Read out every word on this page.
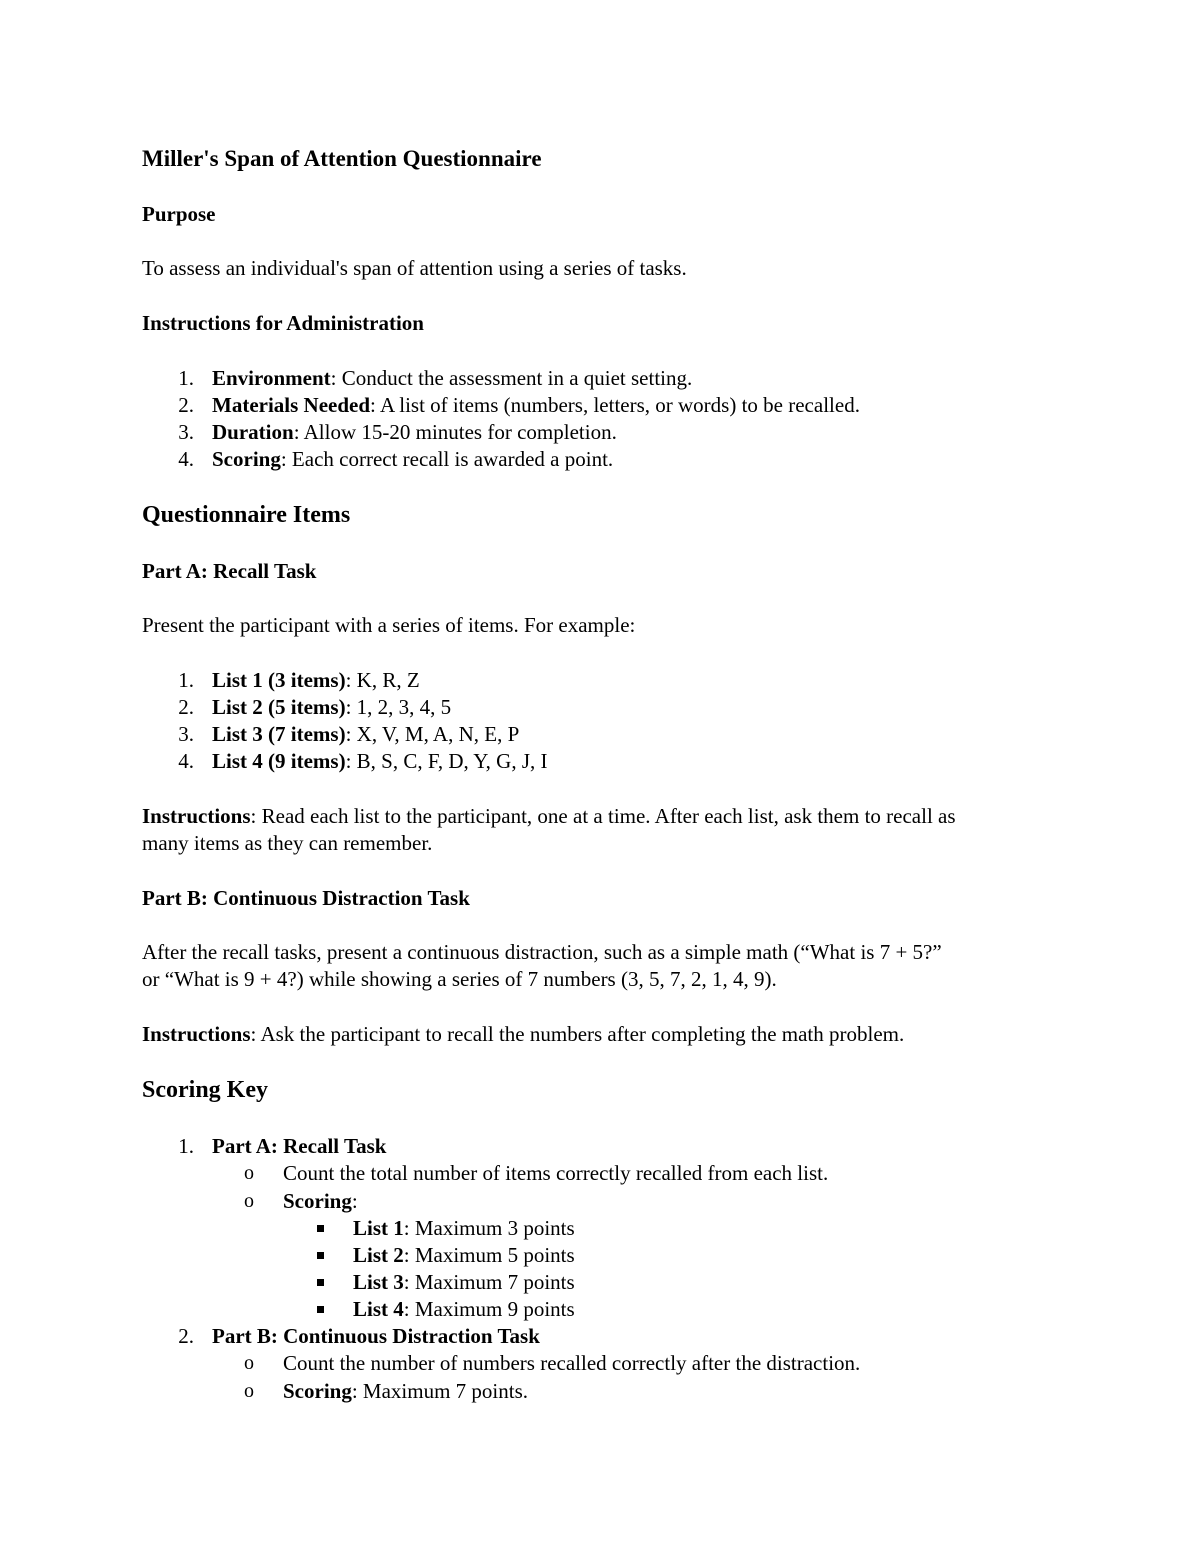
Miller's Span of Attention Questionnaire
Purpose
To assess an individual's span of attention using a series of tasks.
Instructions for Administration
1. Environment: Conduct the assessment in a quiet setting.
2. Materials Needed: A list of items (numbers, letters, or words) to be recalled.
3. Duration: Allow 15-20 minutes for completion.
4. Scoring: Each correct recall is awarded a point.
Questionnaire Items
Part A: Recall Task
Present the participant with a series of items. For example:
1. List 1 (3 items): K, R, Z
2. List 2 (5 items): 1, 2, 3, 4, 5
3. List 3 (7 items): X, V, M, A, N, E, P
4. List 4 (9 items): B, S, C, F, D, Y, G, J, I
Instructions: Read each list to the participant, one at a time. After each list, ask them to recall as
many items as they can remember.
Part B: Continuous Distraction Task
After the recall tasks, present a continuous distraction, such as a simple math (“What is 7 + 5?”
or “What is 9 + 4?) while showing a series of 7 numbers (3, 5, 7, 2, 1, 4, 9).
Instructions: Ask the participant to recall the numbers after completing the math problem.
Scoring Key
1. Part A: Recall Task
o Count the total number of items correctly recalled from each list.
o Scoring:
List 1: Maximum 3 points
List 2: Maximum 5 points
List 3: Maximum 7 points
List 4: Maximum 9 points
2. Part B: Continuous Distraction Task
o Count the number of numbers recalled correctly after the distraction.
o Scoring: Maximum 7 points.
